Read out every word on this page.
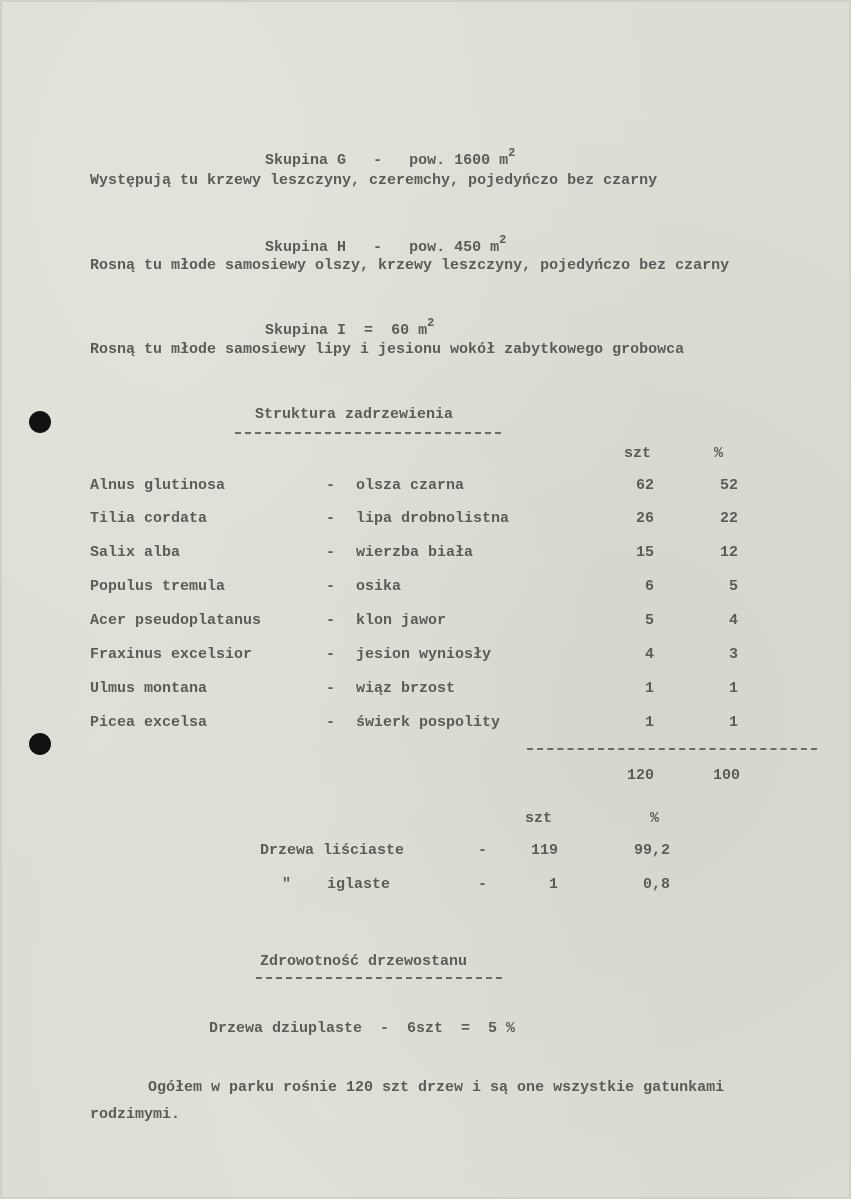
Skupina G - pow. 1600 $m^2$

Występują tu krzewy leszczyny, czeremchy, pojedyńczo bez czarny

Skupina H - pow. 450 $m^2$

Rosną tu młode samosiewy olszy, krzewy leszczyny, pojedyńczo bez czarny

Skupina I = 60 $m^2$

Rosną tu młode samosiewy lipy i jesionu wokół zabytkowego grobowca
Struktura zadrzewienia
szt	%
Alnus glutinosa	- olsza czarna	62	52
Tilia cordata	- lipa drobnolistna	26	22
Salix alba	- wierzba biała	15	12
Populus tremula	- osika	6	5
Acer pseudoplatanus	- klon jawor	5	4
Fraxinus excelsior	- jesion wyniosły	4	3
Ulmus montana	- wiąz brzost	1	1
Picea excelsa	- świerk pospolity	1	1
120	100
szt	%
Drzewa liściaste	-	119	99,2
"    iglaste	-	1	0,8
Zdrowotność drzewostanu
Drzewa dziuplaste  -  6szt  =  5 %
Ogółem w parku rośnie 120 szt drzew i są one wszystkie gatunkami
rodzimymi.
